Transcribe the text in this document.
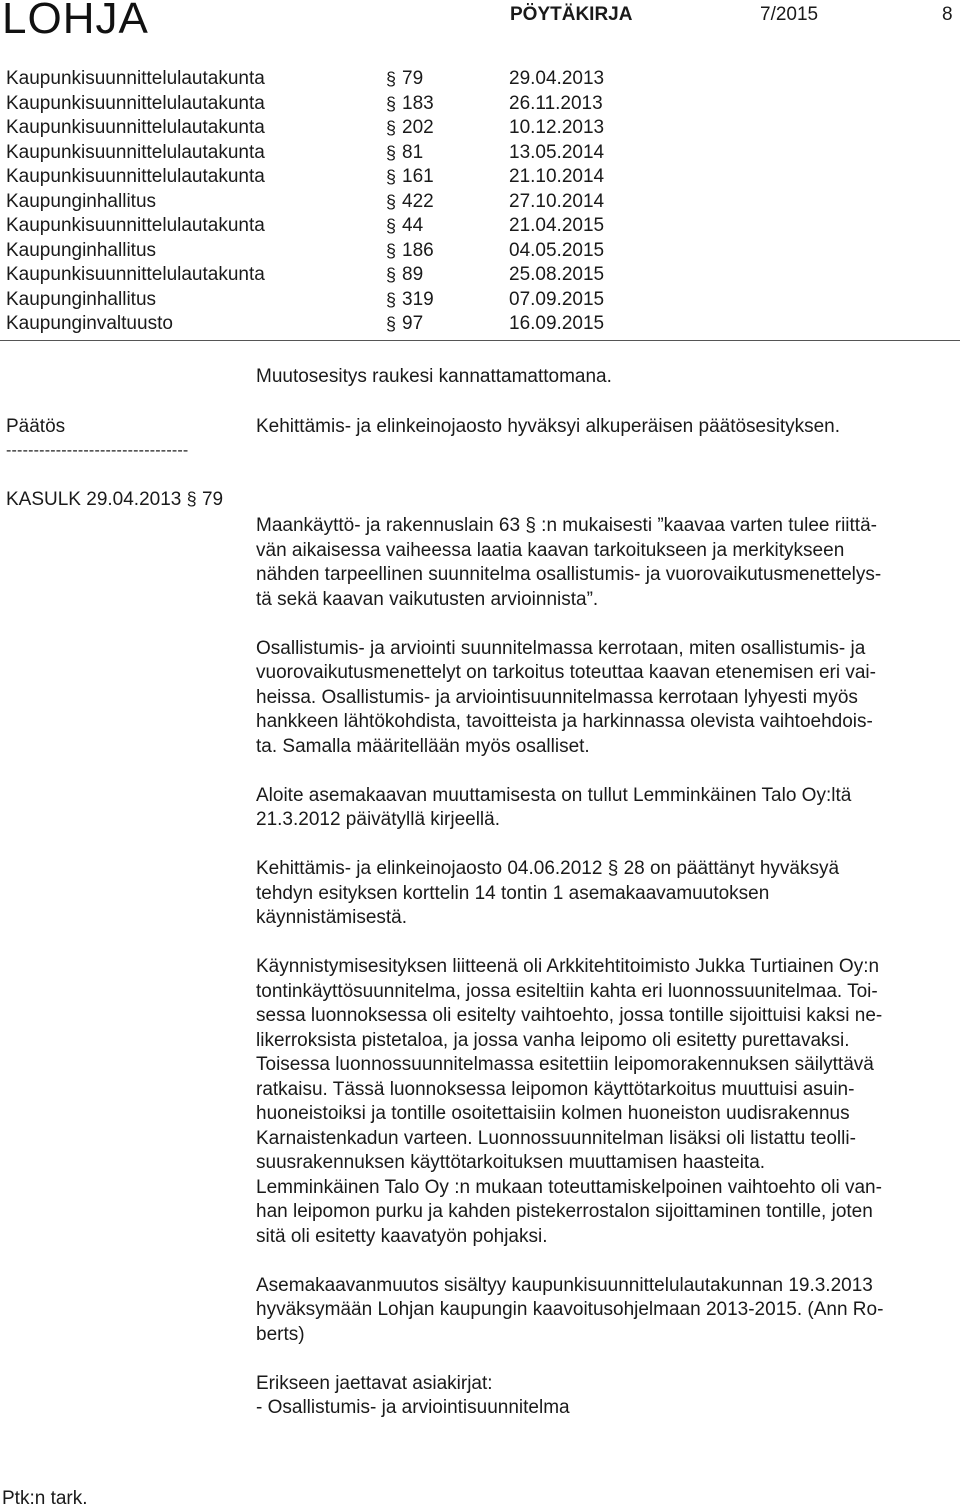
LOHJA	PÖYTÄKIRJA	7/2015	8
Kaupunkisuunnittelulautakunta	§ 79	29.04.2013
Kaupunkisuunnittelulautakunta	§ 183	26.11.2013
Kaupunkisuunnittelulautakunta	§ 202	10.12.2013
Kaupunkisuunnittelulautakunta	§ 81	13.05.2014
Kaupunkisuunnittelulautakunta	§ 161	21.10.2014
Kaupunginhallitus	§ 422	27.10.2014
Kaupunkisuunnittelulautakunta	§ 44	21.04.2015
Kaupunginhallitus	§ 186	04.05.2015
Kaupunkisuunnittelulautakunta	§ 89	25.08.2015
Kaupunginhallitus	§ 319	07.09.2015
Kaupunginvaltuusto	§ 97	16.09.2015
Muutosesitys raukesi kannattamattomana.
Päätös	Kehittämis- ja elinkeinojaosto hyväksyi alkuperäisen päätösesityksen.
---------------------------------
KASULK 29.04.2013 § 79
Maankäyttö- ja rakennuslain 63 § :n mukaisesti ”kaavaa varten tulee riittä-
vän aikaisessa vaiheessa laatia kaavan tarkoitukseen ja merkitykseen
nähden tarpeellinen suunnitelma osallistumis- ja vuorovaikutusmenettelys-
tä sekä kaavan vaikutusten arvioinnista”.
Osallistumis- ja arviointi suunnitelmassa kerrotaan, miten osallistumis- ja
vuorovaikutusmenettelyt on tarkoitus toteuttaa kaavan etenemisen eri vai-
heissa. Osallistumis- ja arviointisuunnitelmassa kerrotaan lyhyesti myös
hankkeen lähtökohdista, tavoitteista ja harkinnassa olevista vaihtoehdois-
ta. Samalla määritellään myös osalliset.
Aloite asemakaavan muuttamisesta on tullut Lemminkäinen Talo Oy:ltä
21.3.2012 päivätyllä kirjeellä.
Kehittämis- ja elinkeinojaosto 04.06.2012 § 28 on päättänyt hyväksyä
tehdyn esityksen korttelin 14 tontin 1 asemakaavamuutoksen
käynnistämisestä.
Käynnistymisesityksen liitteenä oli Arkkitehtitoimisto Jukka Turtiainen Oy:n
tontinkäyttösuunnitelma, jossa esiteltiin kahta eri luonnossuunitelmaa. Toi-
sessa luonnoksessa oli esitelty vaihtoehto, jossa tontille sijoittuisi kaksi ne-
likerroksista pistetaloa, ja jossa vanha leipomo oli esitetty purettavaksi.
Toisessa luonnossuunnitelmassa esitettiin leipomorakennuksen säilyttävä
ratkaisu. Tässä luonnoksessa leipomon käyttötarkoitus muuttuisi asuin-
huoneistoiksi ja tontille osoitettaisiin kolmen huoneiston uudisrakennus
Karnaistenkadun varteen. Luonnossuunnitelman lisäksi oli listattu teolli-
suusrakennuksen käyttötarkoituksen muuttamisen haasteita.
Lemminkäinen Talo Oy :n mukaan toteuttamiskelpoinen vaihtoehto oli van-
han leipomon purku ja kahden pistekerrostalon sijoittaminen tontille, joten
sitä oli esitetty kaavatyön pohjaksi.
Asemakaavanmuutos sisältyy kaupunkisuunnittelulautakunnan 19.3.2013
hyväksymään Lohjan kaupungin kaavoitusohjelmaan 2013-2015. (Ann Ro-
berts)
Erikseen jaettavat asiakirjat:
- Osallistumis- ja arviointisuunnitelma
Ptk:n tark.
